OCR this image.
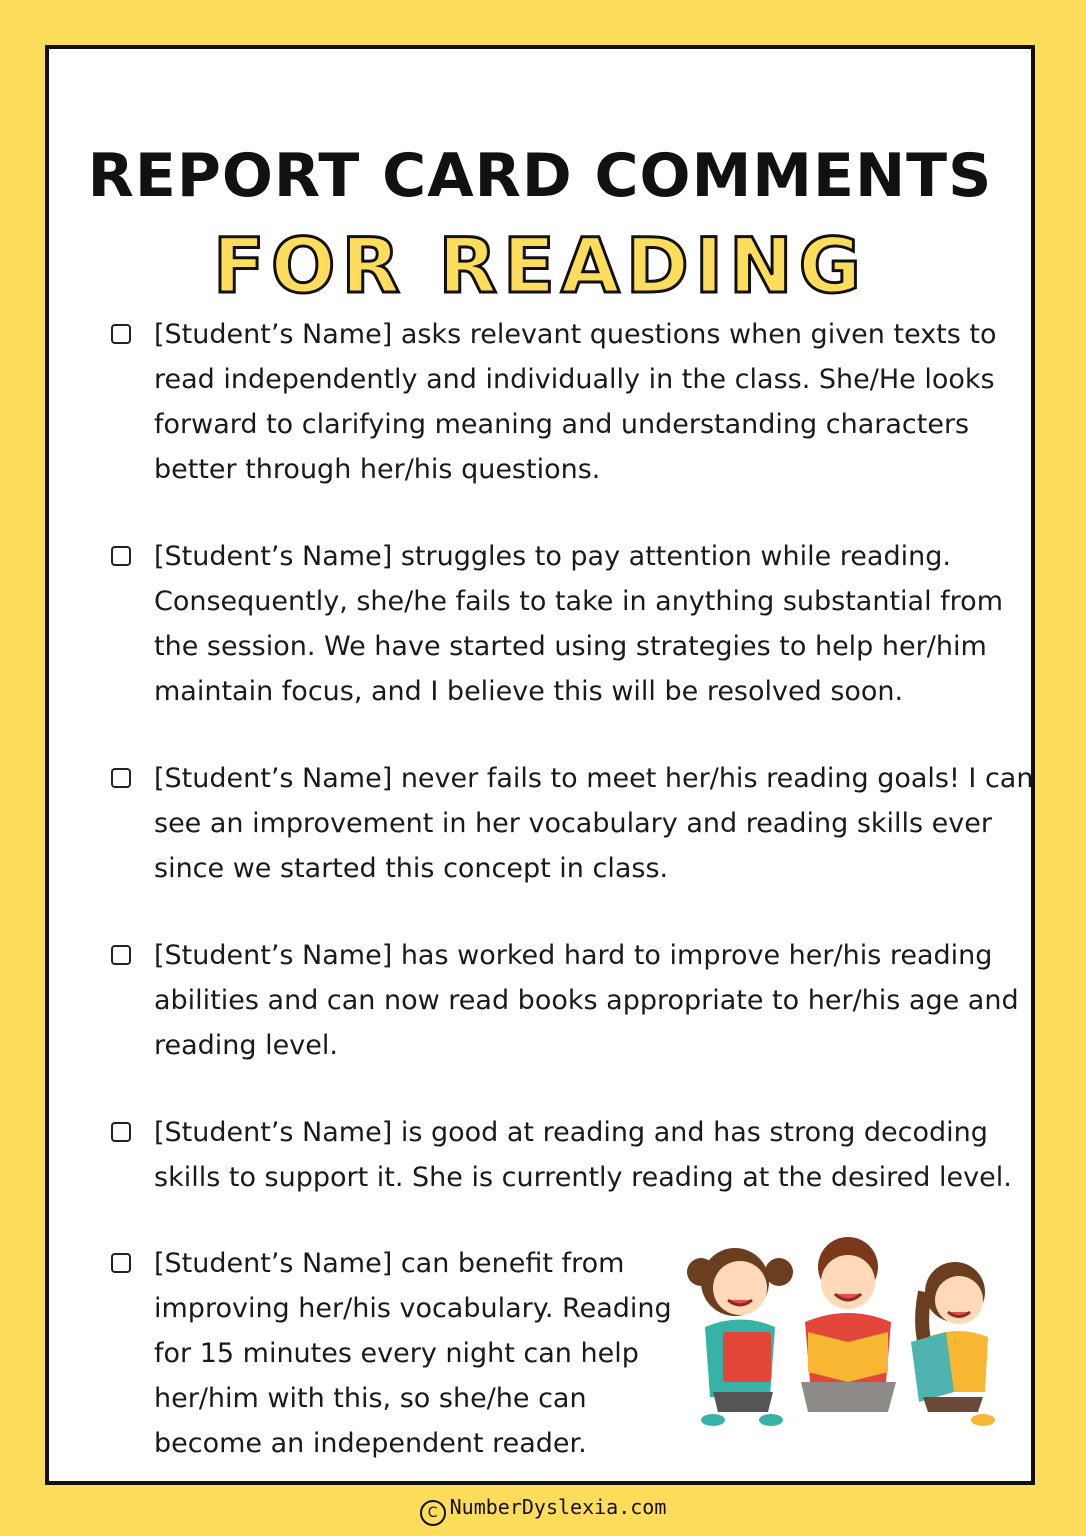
REPORT CARD COMMENTS
FOR READING
[Student’s Name] asks relevant questions when given texts to read independently and individually in the class. She/He looks forward to clarifying meaning and understanding characters better through her/his questions.
[Student’s Name] struggles to pay attention while reading. Consequently, she/he fails to take in anything substantial from the session. We have started using strategies to help her/him maintain focus, and I believe this will be resolved soon.
[Student’s Name] never fails to meet her/his reading goals! I can see an improvement in her vocabulary and reading skills ever since we started this concept in class.
[Student’s Name] has worked hard to improve her/his reading abilities and can now read books appropriate to her/his age and reading level.
[Student’s Name] is good at reading and has strong decoding skills to support it. She is currently reading at the desired level.
[Student’s Name] can benefit from improving her/his vocabulary. Reading for 15 minutes every night can help her/him with this, so she/he can become an independent reader.
C NumberDyslexia.com
